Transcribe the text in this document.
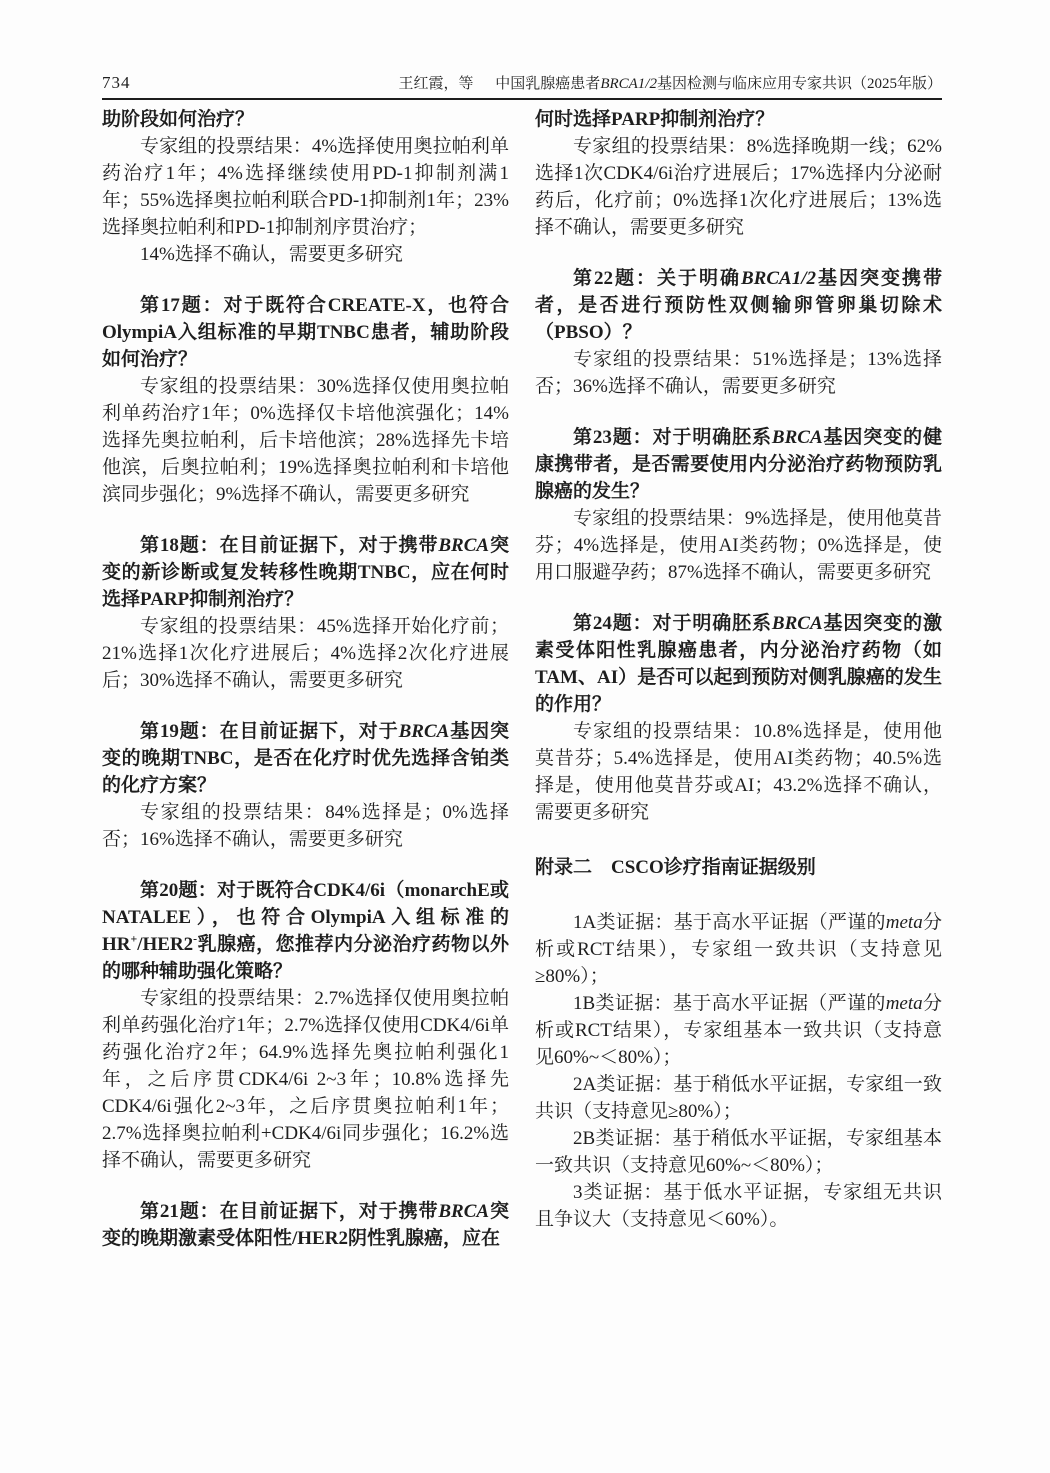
734	王红霞，等 中国乳腺癌患者BRCA1/2基因检测与临床应用专家共识（2025年版）

助阶段如何治疗？

专家组的投票结果：4%选择使用奥拉帕利单药治疗1年；4%选择继续使用PD-1抑制剂满1年；55%选择奥拉帕利联合PD-1抑制剂1年；23%选择奥拉帕利和PD-1抑制剂序贯治疗；

14%选择不确认，需要更多研究

第17题：对于既符合CREATE-X，也符合OlympiA入组标准的早期TNBC患者，辅助阶段如何治疗？

专家组的投票结果：30%选择仅使用奥拉帕利单药治疗1年；0%选择仅卡培他滨强化；14%选择先奥拉帕利，后卡培他滨；28%选择先卡培他滨，后奥拉帕利；19%选择奥拉帕利和卡培他滨同步强化；9%选择不确认，需要更多研究

第18题：在目前证据下，对于携带BRCA突变的新诊断或复发转移性晚期TNBC，应在何时选择PARP抑制剂治疗？

专家组的投票结果：45%选择开始化疗前；21%选择1次化疗进展后；4%选择2次化疗进展后；30%选择不确认，需要更多研究

第19题：在目前证据下，对于BRCA基因突变的晚期TNBC，是否在化疗时优先选择含铂类的化疗方案？

专家组的投票结果：84%选择是；0%选择否；16%选择不确认，需要更多研究

第20题：对于既符合CDK4/6i（monarchE或NATALEE），也符合OlympiA入组标准的HR+/HER2-乳腺癌，您推荐内分泌治疗药物以外的哪种辅助强化策略？

专家组的投票结果：2.7%选择仅使用奥拉帕利单药强化治疗1年；2.7%选择仅使用CDK4/6i单药强化治疗2年；64.9%选择先奥拉帕利强化1年，之后序贯CDK4/6i 2~3年；10.8%选择先CDK4/6i强化2~3年，之后序贯奥拉帕利1年；2.7%选择奥拉帕利+CDK4/6i同步强化；16.2%选择不确认，需要更多研究

第21题：在目前证据下，对于携带BRCA突变的晚期激素受体阳性/HER2阴性乳腺癌，应在

何时选择PARP抑制剂治疗？

专家组的投票结果：8%选择晚期一线；62%选择1次CDK4/6i治疗进展后；17%选择内分泌耐药后，化疗前；0%选择1次化疗进展后；13%选择不确认，需要更多研究

第22题：关于明确BRCA1/2基因突变携带者，是否进行预防性双侧输卵管卵巢切除术（PBSO）？

专家组的投票结果：51%选择是；13%选择否；36%选择不确认，需要更多研究

第23题：对于明确胚系BRCA基因突变的健康携带者，是否需要使用内分泌治疗药物预防乳腺癌的发生？

专家组的投票结果：9%选择是，使用他莫昔芬；4%选择是，使用AI类药物；0%选择是，使用口服避孕药；87%选择不确认，需要更多研究

第24题：对于明确胚系BRCA基因突变的激素受体阳性乳腺癌患者，内分泌治疗药物（如TAM、AI）是否可以起到预防对侧乳腺癌的发生的作用？

专家组的投票结果：10.8%选择是，使用他莫昔芬；5.4%选择是，使用AI类药物；40.5%选择是，使用他莫昔芬或AI；43.2%选择不确认，需要更多研究

附录二　CSCO诊疗指南证据级别

1A类证据：基于高水平证据（严谨的meta分析或RCT结果），专家组一致共识（支持意见≥80%）；

1B类证据：基于高水平证据（严谨的meta分析或RCT结果），专家组基本一致共识（支持意见60%~＜80%）；

2A类证据：基于稍低水平证据，专家组一致共识（支持意见≥80%）；

2B类证据：基于稍低水平证据，专家组基本一致共识（支持意见60%~＜80%）；

3类证据：基于低水平证据，专家组无共识且争议大（支持意见＜60%）。
